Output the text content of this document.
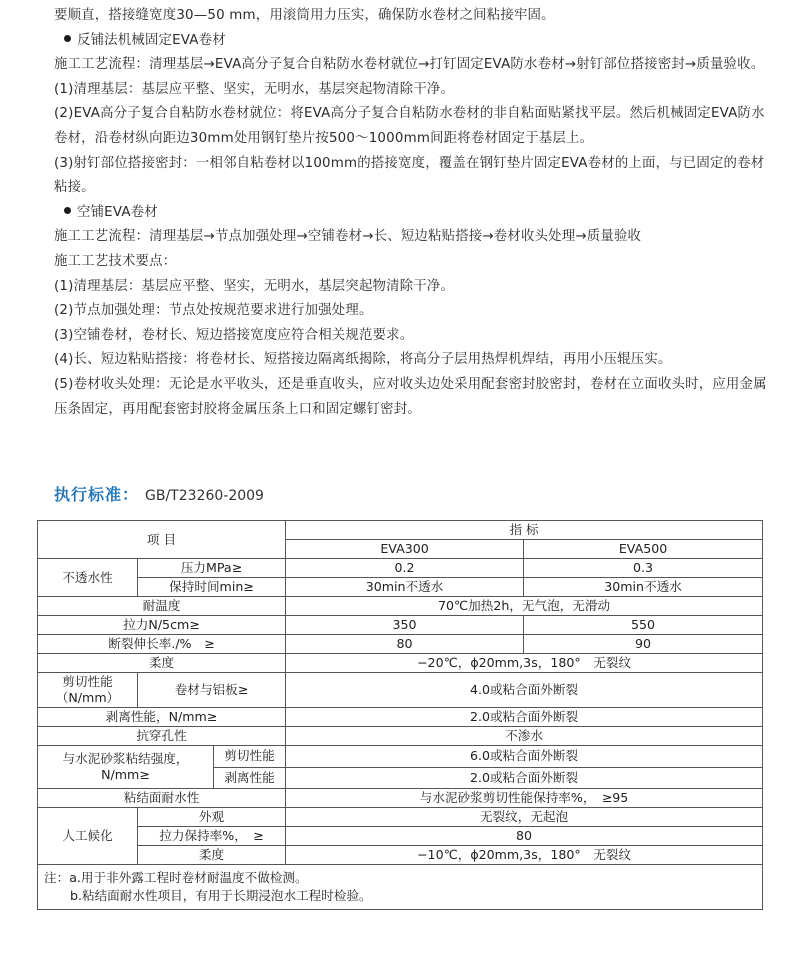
要顺直，搭接缝宽度30—50 mm，用滚筒用力压实，确保防水卷材之间粘接牢固。

反铺法机械固定EVA卷材

施工工艺流程：清理基层→EVA高分子复合自粘防水卷材就位→打钉固定EVA防水卷材→射钉部位搭接密封→质量验收。

(1)清理基层：基层应平整、坚实，无明水，基层突起物清除干净。

(2)EVA高分子复合自粘防水卷材就位：将EVA高分子复合自粘防水卷材的非自粘面贴紧找平层。然后机械固定EVA防水卷材，沿卷材纵向距边30mm处用钢钉垫片按500～1000mm间距将卷材固定于基层上。

(3)射钉部位搭接密封：一相邻自粘卷材以100mm的搭接宽度，覆盖在钢钉垫片固定EVA卷材的上面，与已固定的卷材粘接。

空铺EVA卷材

施工工艺流程：清理基层→节点加强处理→空铺卷材→长、短边粘贴搭接→卷材收头处理→质量验收

施工工艺技术要点：

(1)清理基层：基层应平整、坚实，无明水，基层突起物清除干净。

(2)节点加强处理：节点处按规范要求进行加强处理。

(3)空铺卷材，卷材长、短边搭接宽度应符合相关规范要求。

(4)长、短边粘贴搭接：将卷材长、短搭接边隔离纸揭除，将高分子层用热焊机焊结，再用小压辊压实。

(5)卷材收头处理：无论是水平收头，还是垂直收头，应对收头边处采用配套密封胶密封，卷材在立面收头时，应用金属压条固定，再用配套密封胶将金属压条上口和固定螺钉密封。

执行标准： GB/T23260-2009
项 目			指 标	
			EVA300	EVA500
不透水性	压力MPa≥		0.2	0.3
	保持时间min≥		30min不透水	30min不透水
耐温度			70℃加热2h，无气泡，无滑动	
拉力N/5cm≥			350	550
断裂伸长率./%　≥			80	90
柔度			−20℃，ϕ20mm,3s，180°　无裂纹	
剪切性能（N/mm）	卷材与铝板≥		4.0或粘合面外断裂	
剥离性能，N/mm≥			2.0或粘合面外断裂	
抗穿孔性			不渗水	
与水泥砂浆粘结强度，N/mm≥		剪切性能	6.0或粘合面外断裂	
		剥离性能	2.0或粘合面外断裂	
粘结面耐水性			与水泥砂浆剪切性能保持率%，　≥95	
人工候化	外观		无裂纹，无起泡	
	拉力保持率%，　≥		80	
	柔度		−10℃，ϕ20mm,3s，180°　无裂纹	

注：a.用于非外露工程时卷材耐温度不做检测。
b.粘结面耐水性项目，有用于长期浸泡水工程时检验。				
